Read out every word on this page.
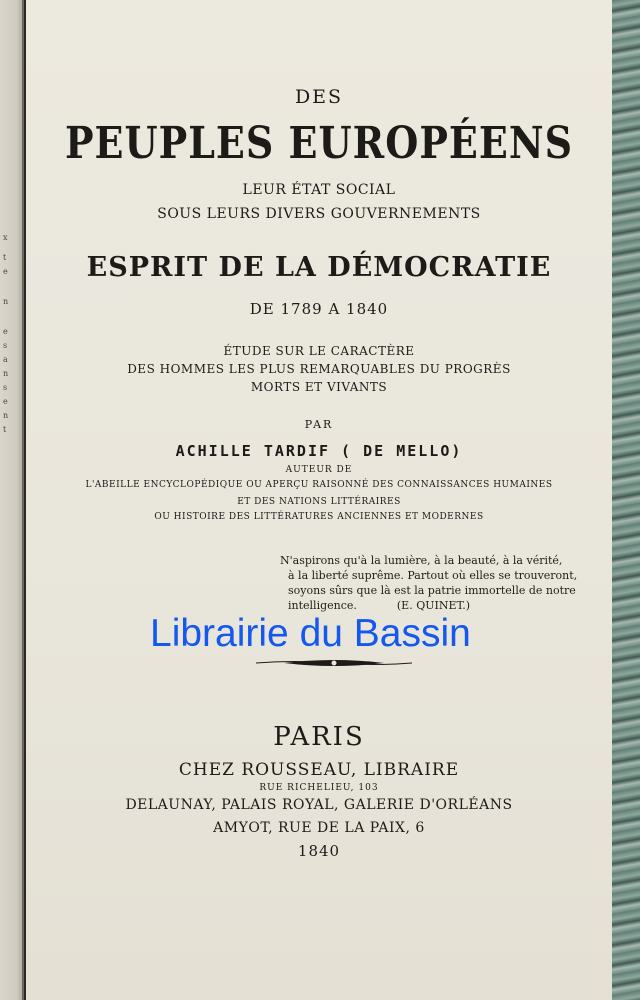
x
t
e
n
e
s
a
n
s
e
n
t
DES
PEUPLES EUROPÉENS
LEUR ÉTAT SOCIAL
SOUS LEURS DIVERS GOUVERNEMENTS
ESPRIT DE LA DÉMOCRATIE
DE 1789 A 1840
ÉTUDE SUR LE CARACTÈRE
DES HOMMES LES PLUS REMARQUABLES DU PROGRÈS
MORTS ET VIVANTS
PAR
ACHILLE TARDIF ( DE MELLO)
AUTEUR DE
L'ABEILLE ENCYCLOPÉDIQUE OU APERÇU RAISONNÉ DES CONNAISSANCES HUMAINES
ET DES NATIONS LITTÉRAIRES
OU HISTOIRE DES LITTÉRATURES ANCIENNES ET MODERNES
N'aspirons qu'à la lumière, à la beauté, à la vérité,
à la liberté suprême. Partout où elles se trouveront,
soyons sûrs que là est la patrie immortelle de notre
intelligence.	(E. QUINET.)
Librairie du Bassin
PARIS
CHEZ ROUSSEAU, LIBRAIRE
RUE RICHELIEU, 103
DELAUNAY, PALAIS ROYAL, GALERIE D'ORLÉANS
AMYOT, RUE DE LA PAIX, 6
1840
